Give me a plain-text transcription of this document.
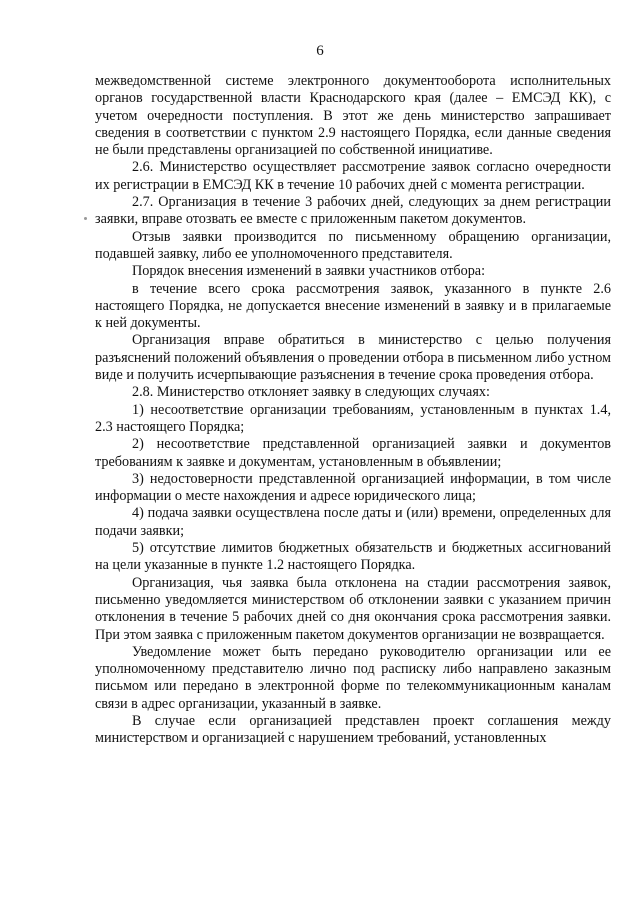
6

межведомственной системе электронного документооборота исполнительных органов государственной власти Краснодарского края (далее – ЕМСЭД КК), с учетом очередности поступления. В этот же день министерство запрашивает сведения в соответствии с пунктом 2.9 настоящего Порядка, если данные сведения не были представлены организацией по собственной инициативе.

2.6. Министерство осуществляет рассмотрение заявок согласно очередности их регистрации в ЕМСЭД КК в течение 10 рабочих дней с момента регистрации.

2.7. Организация в течение 3 рабочих дней, следующих за днем регистрации заявки, вправе отозвать ее вместе с приложенным пакетом документов.

Отзыв заявки производится по письменному обращению организации, подавшей заявку, либо ее уполномоченного представителя.

Порядок внесения изменений в заявки участников отбора:

в течение всего срока рассмотрения заявок, указанного в пункте 2.6 настоящего Порядка, не допускается внесение изменений в заявку и в прилагаемые к ней документы.

Организация вправе обратиться в министерство с целью получения разъяснений положений объявления о проведении отбора в письменном либо устном виде и получить исчерпывающие разъяснения в течение срока проведения отбора.

2.8. Министерство отклоняет заявку в следующих случаях:

1) несоответствие организации требованиям, установленным в пунктах 1.4, 2.3 настоящего Порядка;

2) несоответствие представленной организацией заявки и документов требованиям к заявке и документам, установленным в объявлении;

3) недостоверности представленной организацией информации, в том числе информации о месте нахождения и адресе юридического лица;

4) подача заявки осуществлена после даты и (или) времени, определенных для подачи заявки;

5) отсутствие лимитов бюджетных обязательств и бюджетных ассигнований на цели указанные в пункте 1.2 настоящего Порядка.

Организация, чья заявка была отклонена на стадии рассмотрения заявок, письменно уведомляется министерством об отклонении заявки с указанием причин отклонения в течение 5 рабочих дней со дня окончания срока рассмотрения заявки. При этом заявка с приложенным пакетом документов организации не возвращается.

Уведомление может быть передано руководителю организации или ее уполномоченному представителю лично под расписку либо направлено заказным письмом или передано в электронной форме по телекоммуникационным каналам связи в адрес организации, указанный в заявке.

В случае если организацией представлен проект соглашения между министерством и организацией с нарушением требований, установленных
